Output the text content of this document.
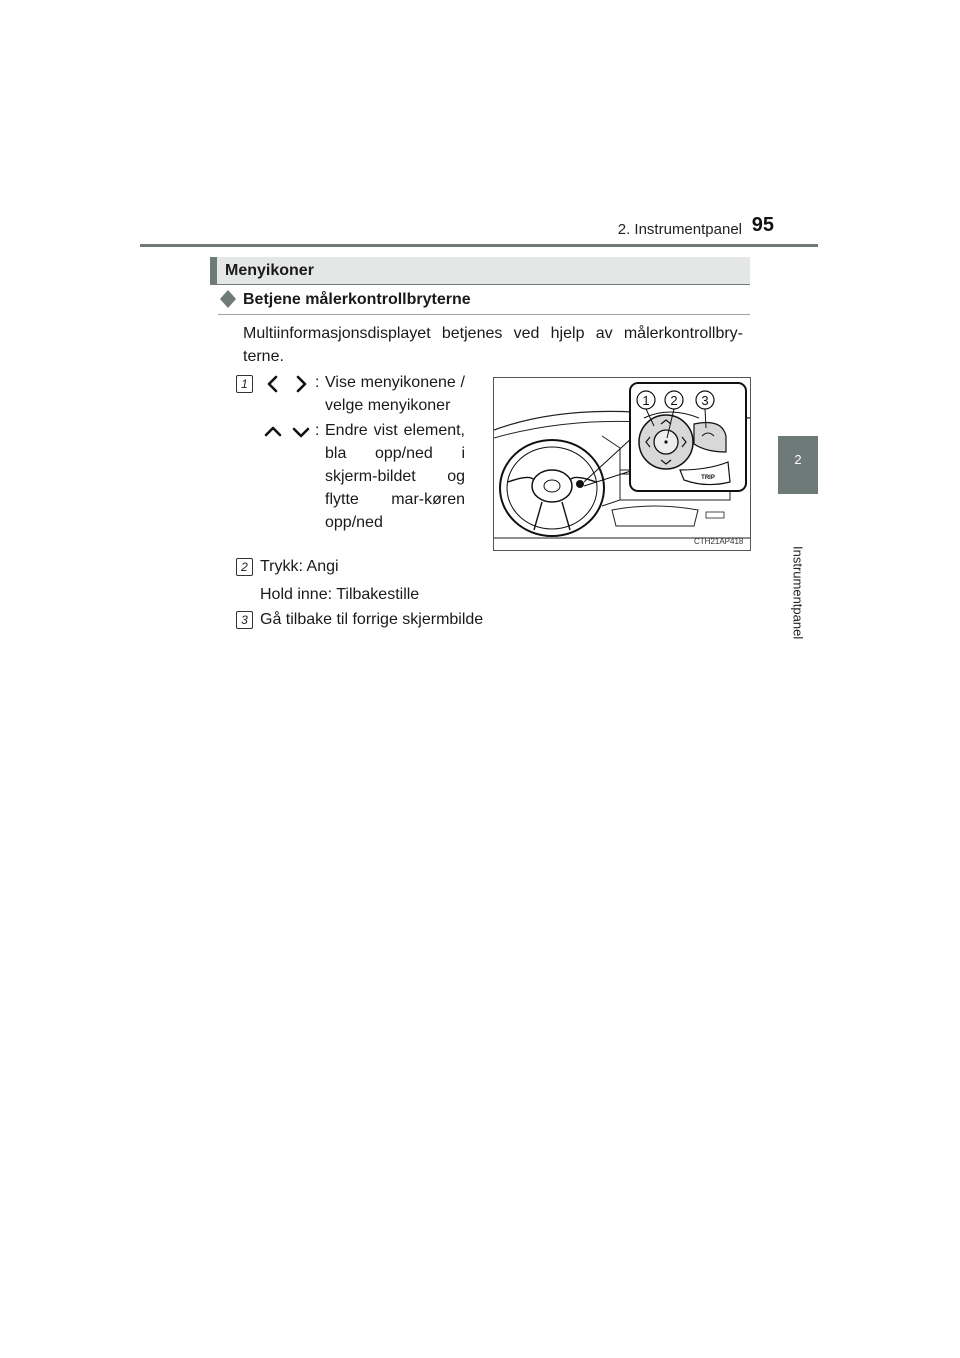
2. Instrumentpanel 95
2
Instrumentpanel
Menyikoner
Betjene målerkontrollbryterne
Multiinformasjonsdisplayet betjenes ved hjelp av målerkontrollbry-terne.
1	: Vise menyikonene / velge menyikoner
: Endre vist element, bla opp/ned i skjerm-bildet og flytte mar-køren opp/ned
1 2 3
TRIP
CTH21AP418
2 Trykk: Angi
Hold inne: Tilbakestille
3 Gå tilbake til forrige skjermbilde
